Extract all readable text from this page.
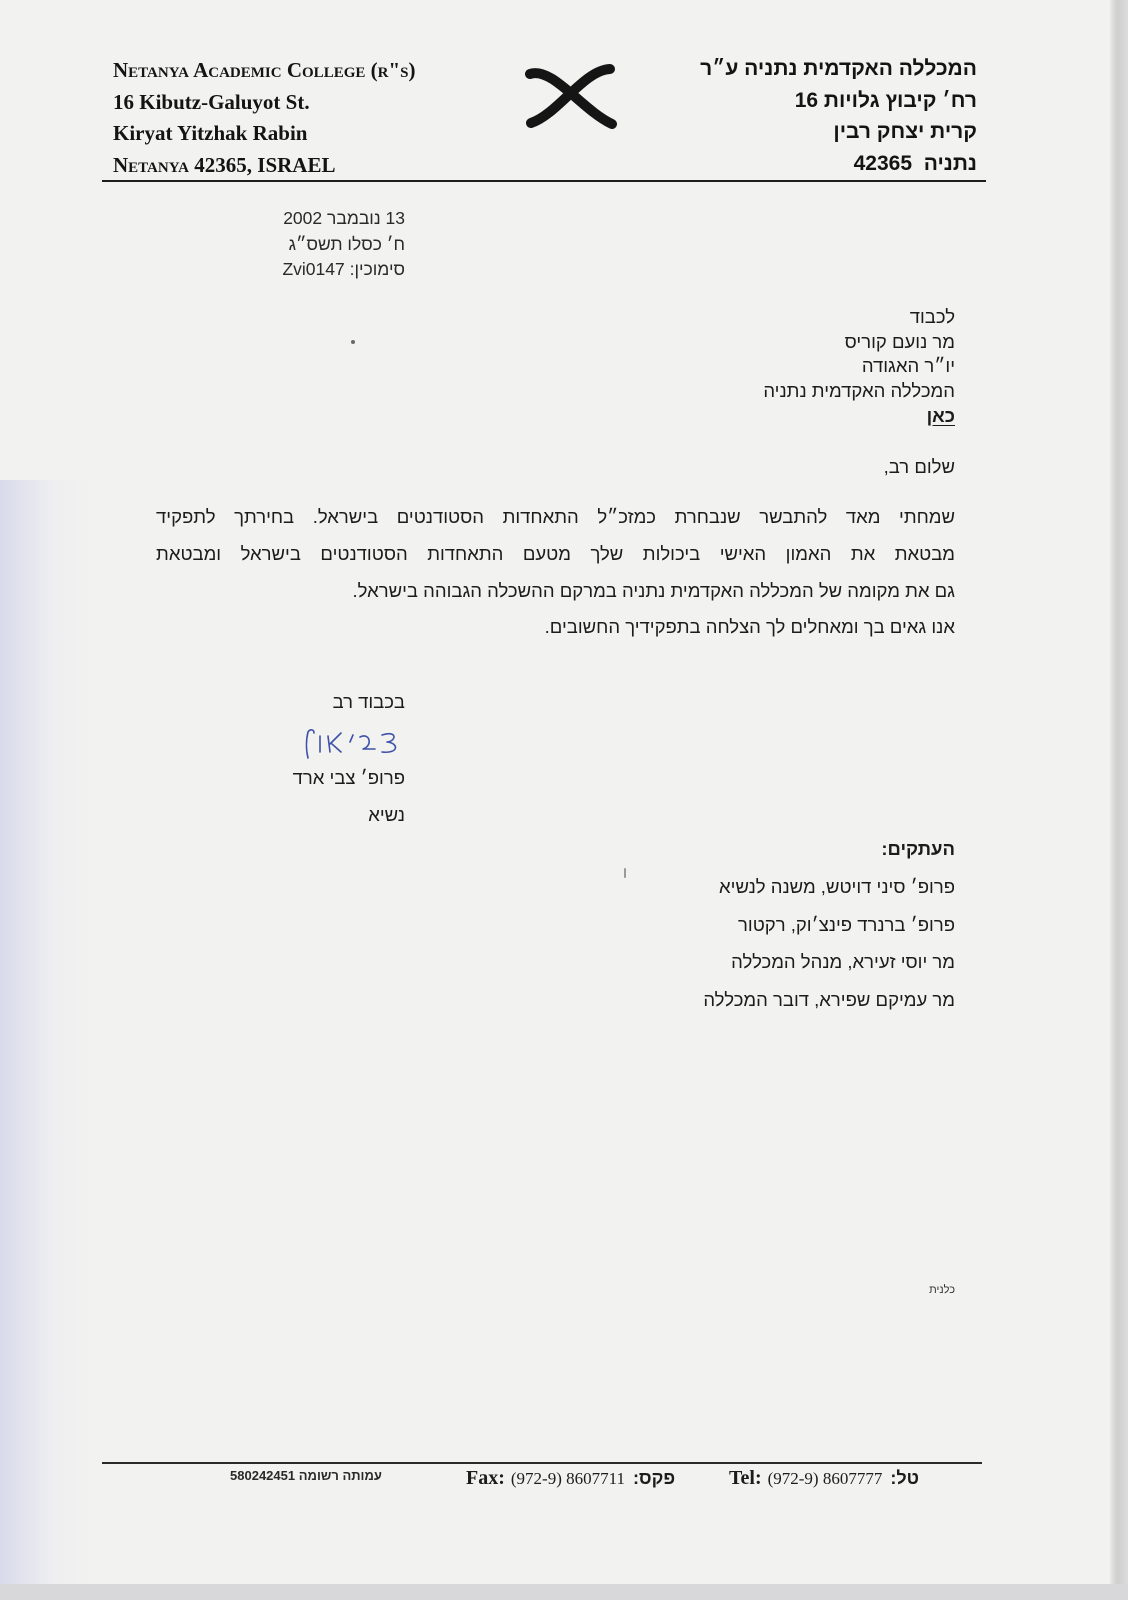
Netanya Academic College (r"s)
16 Kibutz-Galuyot St.
Kiryat Yitzhak Rabin
Netanya 42365, ISRAEL
המכללה האקדמית נתניה ע״ר
רח׳ קיבוץ גלויות 16
קרית יצחק רבין
נתניה  42365
13 נובמבר 2002
ח׳ כסלו תשס״ג
סימוכין: Zvi0147
לכבוד
מר נועם קוריס
יו״ר האגודה
המכללה האקדמית נתניה
כאן
שלום רב,
שמחתי
מאד
להתבשר
שנבחרת
כמזכ״ל
התאחדות
הסטודנטים
בישראל.
בחירתך
לתפקיד
מבטאת
את
האמון
האישי
ביכולות
שלך
מטעם
התאחדות
הסטודנטים
בישראל
ומבטאת
גם את מקומה של המכללה האקדמית נתניה במרקם ההשכלה הגבוהה בישראל.
אנו גאים בך ומאחלים לך הצלחה בתפקידיך החשובים.
בכבוד רב
פרופ׳ צבי ארד
נשיא
העתקים:
פרופ׳ סיני דויטש, משנה לנשיא
פרופ׳ ברנרד פינצ׳וק, רקטור
מר יוסי זעירא, מנהל המכללה
מר עמיקם שפירא, דובר המכללה
כלנית
עמותה רשומה 580242451	Fax: (972-9) 8607711 פקס:	Tel: (972-9) 8607777 טל:
